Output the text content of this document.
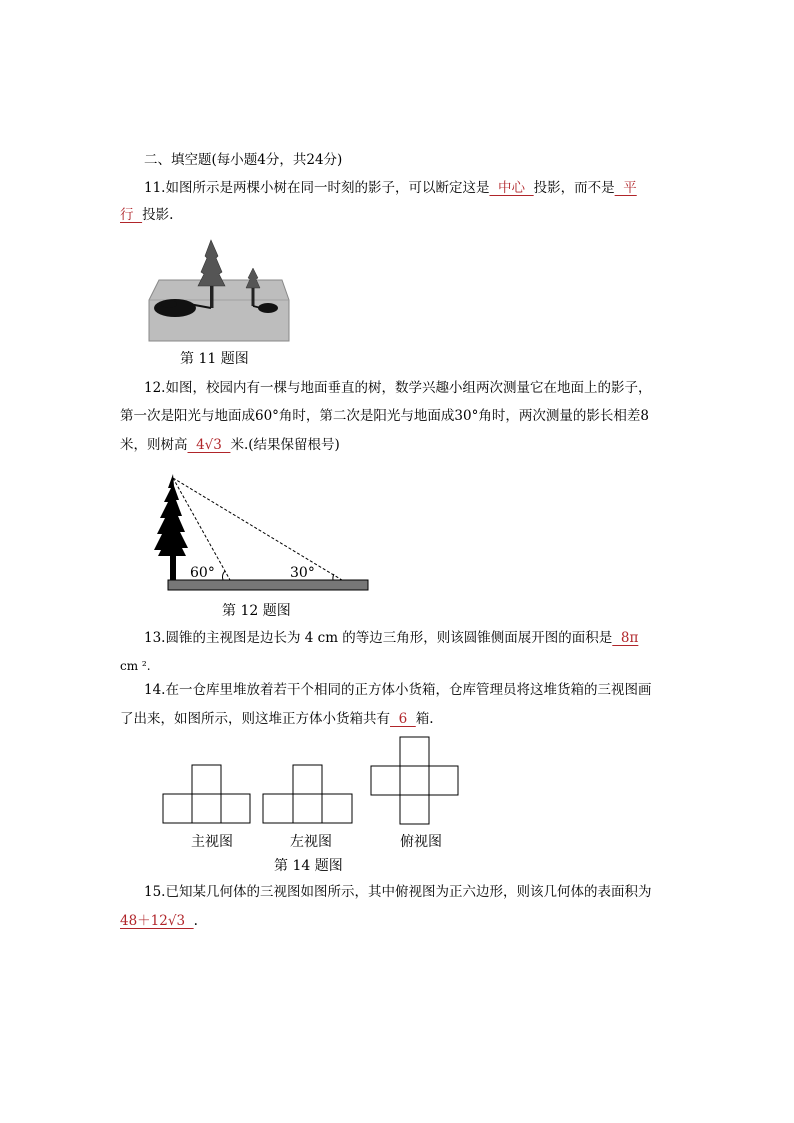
二、填空题(每小题4分，共24分)
11.如图所示是两棵小树在同一时刻的影子，可以断定这是  中心  投影，而不是  平
行  投影.
第 11 题图
12.如图，校园内有一棵与地面垂直的树，数学兴趣小组两次测量它在地面上的影子，
第一次是阳光与地面成60°角时，第二次是阳光与地面成30°角时，两次测量的影长相差8
米，则树高  4√3  米.(结果保留根号)
60°	30°
第 12 题图
13.圆锥的主视图是边长为 4 cm 的等边三角形，则该圆锥侧面展开图的面积是  8π
cm ².
14.在一仓库里堆放着若干个相同的正方体小货箱，仓库管理员将这堆货箱的三视图画
了出来，如图所示，则这堆正方体小货箱共有  6  箱.
主视图	左视图	俯视图
第 14 题图
15.已知某几何体的三视图如图所示，其中俯视图为正六边形，则该几何体的表面积为
48＋12√3  .
